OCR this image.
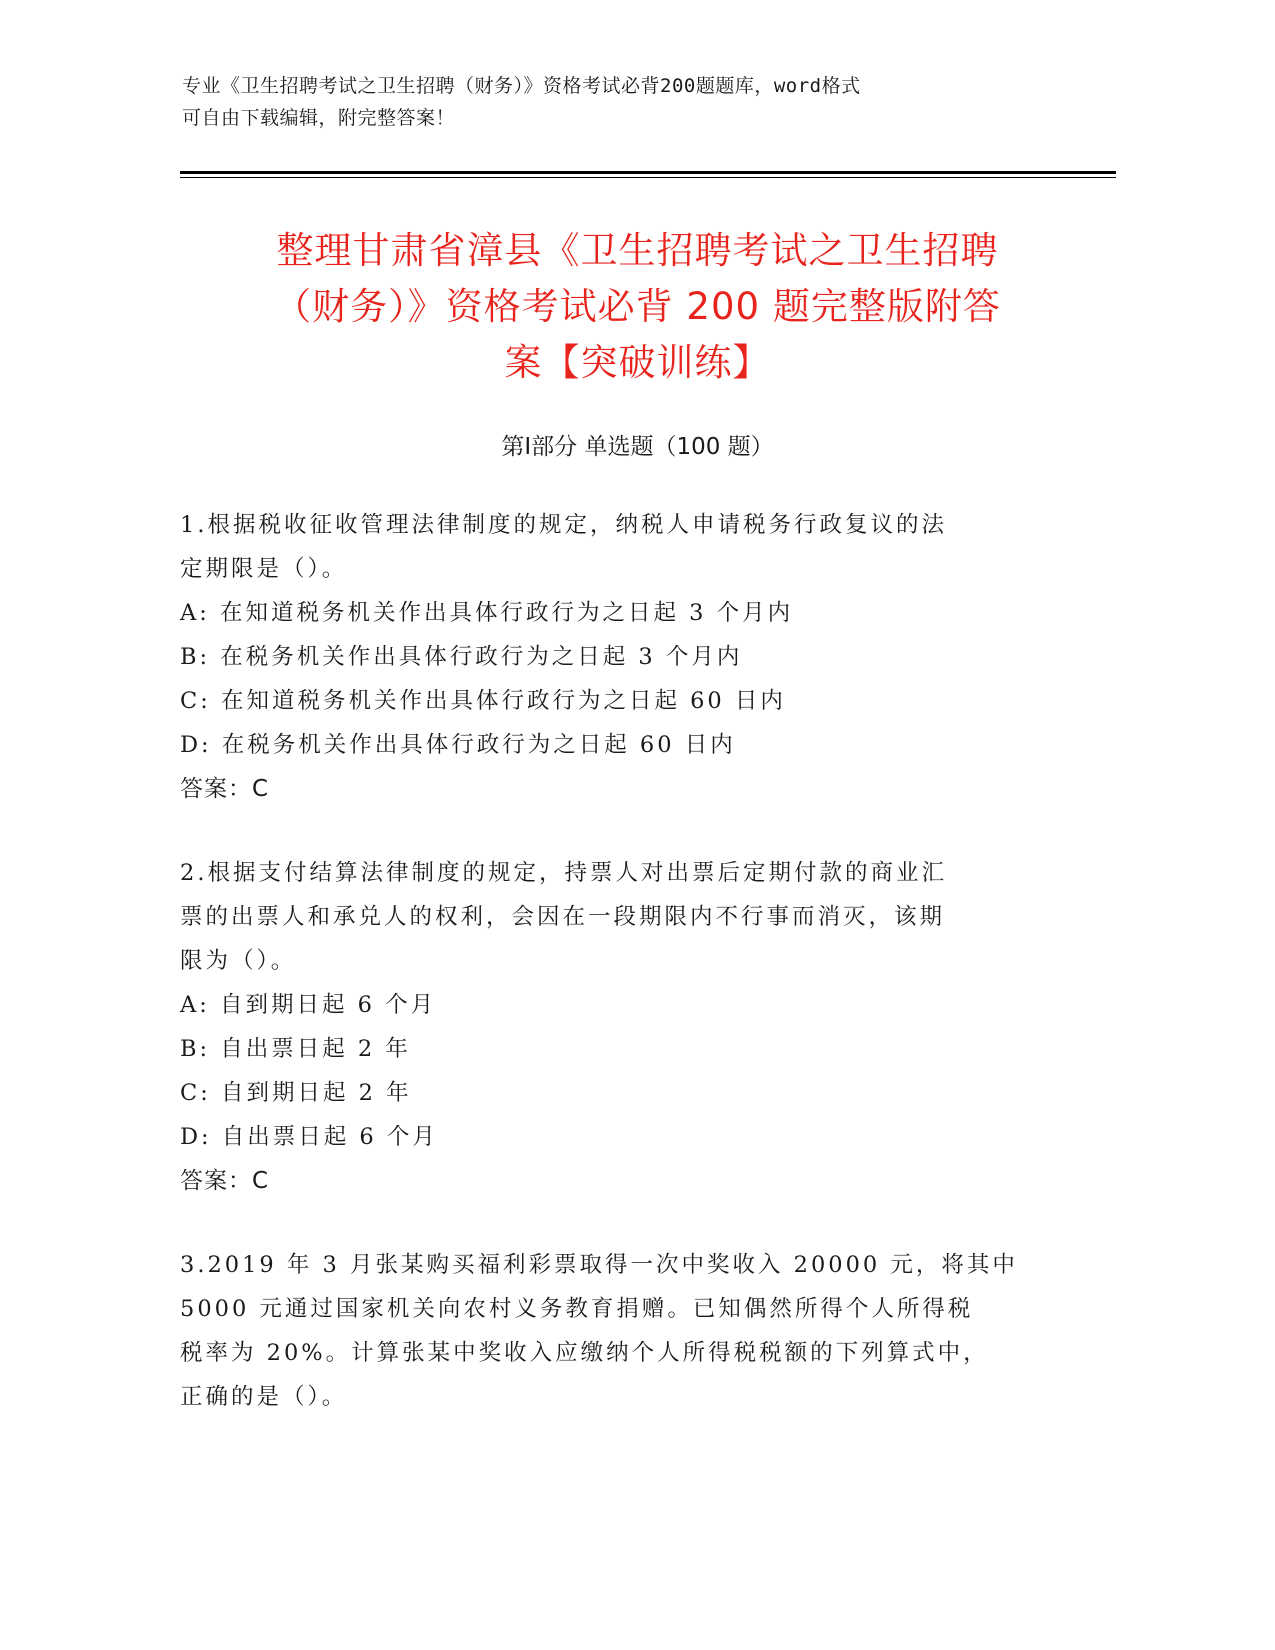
专业《卫生招聘考试之卫生招聘（财务）》资格考试必背200题题库，word格式
可自由下载编辑，附完整答案！
整理甘肃省漳县《卫生招聘考试之卫生招聘
（财务）》资格考试必背 200 题完整版附答
案【突破训练】
第Ⅰ部分 单选题（100 题）
1.根据税收征收管理法律制度的规定，纳税人申请税务行政复议的法
定期限是（）。
A: 在知道税务机关作出具体行政行为之日起 3 个月内
B: 在税务机关作出具体行政行为之日起 3 个月内
C: 在知道税务机关作出具体行政行为之日起 60 日内
D: 在税务机关作出具体行政行为之日起 60 日内
答案：C
2.根据支付结算法律制度的规定，持票人对出票后定期付款的商业汇
票的出票人和承兑人的权利，会因在一段期限内不行事而消灭，该期
限为（）。
A: 自到期日起 6 个月
B: 自出票日起 2 年
C: 自到期日起 2 年
D: 自出票日起 6 个月
答案：C
3.2019 年 3 月张某购买福利彩票取得一次中奖收入 20000 元，将其中
5000 元通过国家机关向农村义务教育捐赠。已知偶然所得个人所得税
税率为 20%。计算张某中奖收入应缴纳个人所得税税额的下列算式中，
正确的是（）。
